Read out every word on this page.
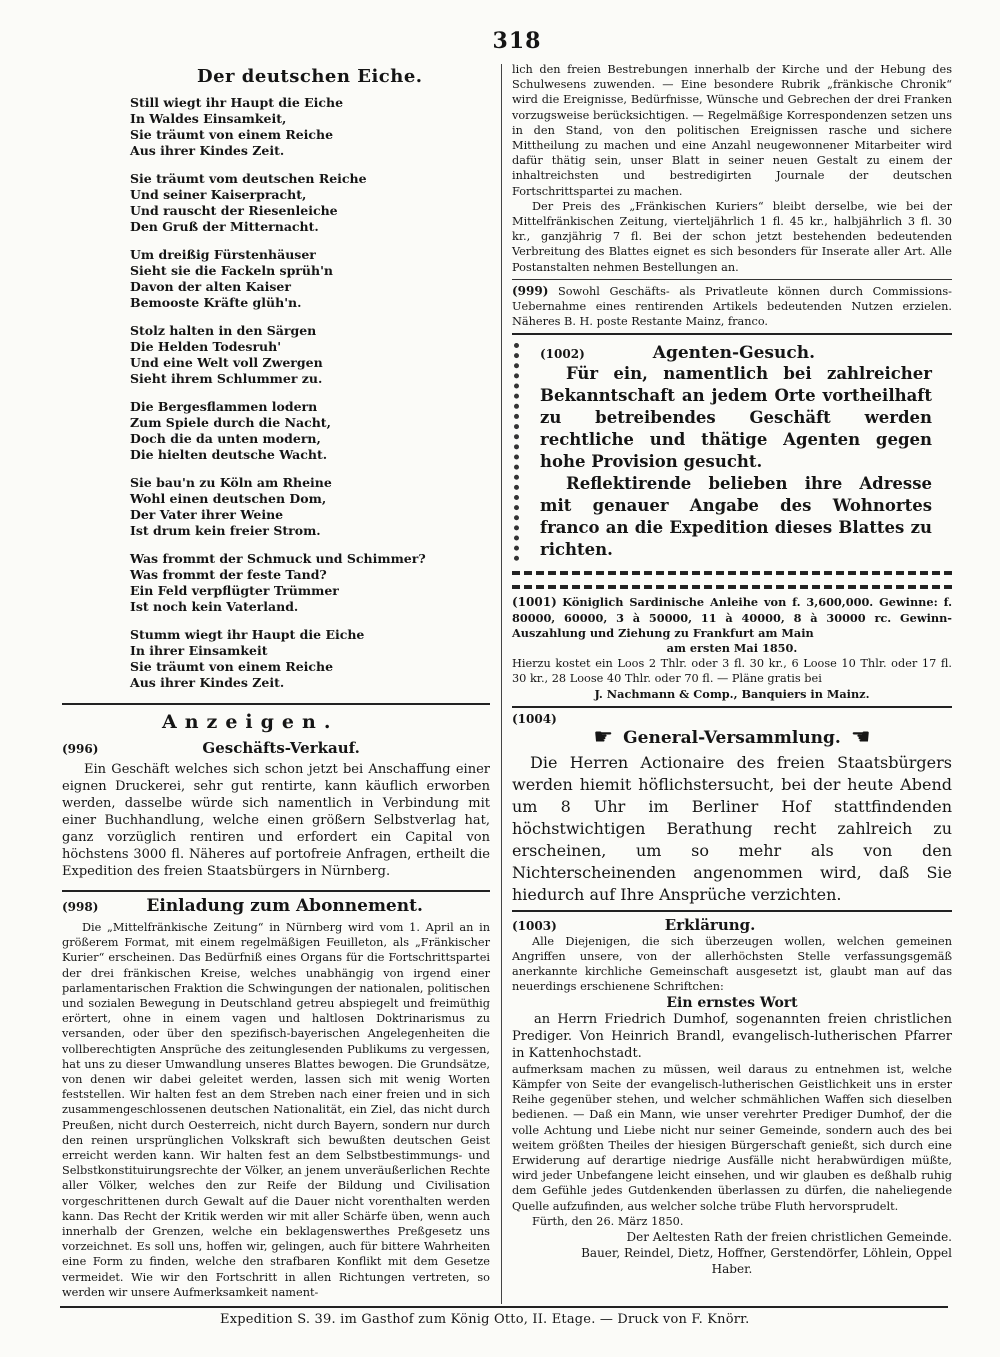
318
Der deutschen Eiche.
Still wiegt ihr Haupt die Eiche
In Waldes Einsamkeit,
Sie träumt von einem Reiche
Aus ihrer Kindes Zeit.
Sie träumt vom deutschen Reiche
Und seiner Kaiserpracht,
Und rauscht der Riesenleiche
Den Gruß der Mitternacht.
Um dreißig Fürstenhäuser
Sieht sie die Fackeln sprüh'n
Davon der alten Kaiser
Bemooste Kräfte glüh'n.
Stolz halten in den Särgen
Die Helden Todesruh'
Und eine Welt voll Zwergen
Sieht ihrem Schlummer zu.
Die Bergesflammen lodern
Zum Spiele durch die Nacht,
Doch die da unten modern,
Die hielten deutsche Wacht.
Sie bau'n zu Köln am Rheine
Wohl einen deutschen Dom,
Der Vater ihrer Weine
Ist drum kein freier Strom.
Was frommt der Schmuck und Schimmer?
Was frommt der feste Tand?
Ein Feld verpflügter Trümmer
Ist noch kein Vaterland.
Stumm wiegt ihr Haupt die Eiche
In ihrer Einsamkeit
Sie träumt von einem Reiche
Aus ihrer Kindes Zeit.
Anzeigen.
(996)	Geschäfts-Verkauf.

Ein Geschäft welches sich schon jetzt bei Anschaffung einer eignen Druckerei, sehr gut rentirte, kann käuflich erworben werden, dasselbe würde sich namentlich in Verbindung mit einer Buchhandlung, welche einen größern Selbstverlag hat, ganz vorzüglich rentiren und erfordert ein Capital von höchstens 3000 fl. Näheres auf portofreie Anfragen, ertheilt die Expedition des freien Staatsbürgers in Nürnberg.

(998)	Einladung zum Abonnement.

Die „Mittelfränkische Zeitung“ in Nürnberg wird vom 1. April an in größerem Format, mit einem regelmäßigen Feuilleton, als „Fränkischer Kurier“ erscheinen. Das Bedürfniß eines Organs für die Fortschrittspartei der drei fränkischen Kreise, welches unabhängig von irgend einer parlamentarischen Fraktion die Schwingungen der nationalen, politischen und sozialen Bewegung in Deutschland getreu abspiegelt und freimüthig erörtert, ohne in einem vagen und haltlosen Doktrinarismus zu versanden, oder über den spezifisch-bayerischen Angelegenheiten die vollberechtigten Ansprüche des zeitunglesenden Publikums zu vergessen, hat uns zu dieser Umwandlung unseres Blattes bewogen. Die Grundsätze, von denen wir dabei geleitet werden, lassen sich mit wenig Worten feststellen. Wir halten fest an dem Streben nach einer freien und in sich zusammengeschlossenen deutschen Nationalität, ein Ziel, das nicht durch Preußen, nicht durch Oesterreich, nicht durch Bayern, sondern nur durch den reinen ursprünglichen Volkskraft sich bewußten deutschen Geist erreicht werden kann. Wir halten fest an dem Selbstbestimmungs- und Selbstkonstituirungsrechte der Völker, an jenem unveräußerlichen Rechte aller Völker, welches den zur Reife der Bildung und Civilisation vorgeschrittenen durch Gewalt auf die Dauer nicht vorenthalten werden kann. Das Recht der Kritik werden wir mit aller Schärfe üben, wenn auch innerhalb der Grenzen, welche ein beklagenswerthes Preßgesetz uns vorzeichnet. Es soll uns, hoffen wir, gelingen, auch für bittere Wahrheiten eine Form zu finden, welche den strafbaren Konflikt mit dem Gesetze vermeidet. Wie wir den Fortschritt in allen Richtungen vertreten, so werden wir unsere Aufmerksamkeit nament-

lich den freien Bestrebungen innerhalb der Kirche und der Hebung des Schulwesens zuwenden. — Eine besondere Rubrik „fränkische Chronik“ wird die Ereignisse, Bedürfnisse, Wünsche und Gebrechen der drei Franken vorzugsweise berücksichtigen. — Regelmäßige Korrespondenzen setzen uns in den Stand, von den politischen Ereignissen rasche und sichere Mittheilung zu machen und eine Anzahl neugewonnener Mitarbeiter wird dafür thätig sein, unser Blatt in seiner neuen Gestalt zu einem der inhaltreichsten und bestredigirten Journale der deutschen Fortschrittspartei zu machen.

Der Preis des „Fränkischen Kuriers“ bleibt derselbe, wie bei der Mittelfränkischen Zeitung, vierteljährlich 1 fl. 45 kr., halbjährlich 3 fl. 30 kr., ganzjährig 7 fl. Bei der schon jetzt bestehenden bedeutenden Verbreitung des Blattes eignet es sich besonders für Inserate aller Art. Alle Postanstalten nehmen Bestellungen an.

(999) Sowohl Geschäfts- als Privatleute können durch Commissions-Uebernahme eines rentirenden Artikels bedeutenden Nutzen erzielen. Näheres B. H. poste Restante Mainz, franco.

(1002)	Agenten-Gesuch.

Für ein, namentlich bei zahlreicher Bekanntschaft an jedem Orte vortheilhaft zu betreibendes Geschäft werden rechtliche und thätige Agenten gegen hohe Provision gesucht.

Reflektirende belieben ihre Adresse mit genauer Angabe des Wohnortes franco an die Expedition dieses Blattes zu richten.

(1001) Königlich Sardinische Anleihe von f. 3,600,000. Gewinne: f. 80000, 60000, 3 à 50000, 11 à 40000, 8 à 30000 rc. Gewinn-Auszahlung und Ziehung zu Frankfurt am Main

am ersten Mai 1850.

Hierzu kostet ein Loos 2 Thlr. oder 3 fl. 30 kr., 6 Loose 10 Thlr. oder 17 fl. 30 kr., 28 Loose 40 Thlr. oder 70 fl. — Pläne gratis bei

J. Nachmann & Comp., Banquiers in Mainz.
(1004)
☛ General-Versammlung. ☚

Die Herren Actionaire des freien Staatsbürgers werden hiemit höflichstersucht, bei der heute Abend um 8 Uhr im Berliner Hof stattfindenden höchstwichtigen Berathung recht zahlreich zu erscheinen, um so mehr als von den Nichterscheinenden angenommen wird, daß Sie hiedurch auf Ihre Ansprüche verzichten.

(1003)	Erklärung.

Alle Diejenigen, die sich überzeugen wollen, welchen gemeinen Angriffen unsere, von der allerhöchsten Stelle verfassungsgemäß anerkannte kirchliche Gemeinschaft ausgesetzt ist, glaubt man auf das neuerdings erschienene Schriftchen:

Ein ernstes Wort

an Herrn Friedrich Dumhof, sogenannten freien christlichen Prediger. Von Heinrich Brandl, evangelisch-lutherischen Pfarrer in Kattenhochstadt.

aufmerksam machen zu müssen, weil daraus zu entnehmen ist, welche Kämpfer von Seite der evangelisch-lutherischen Geistlichkeit uns in erster Reihe gegenüber stehen, und welcher schmählichen Waffen sich dieselben bedienen. — Daß ein Mann, wie unser verehrter Prediger Dumhof, der die volle Achtung und Liebe nicht nur seiner Gemeinde, sondern auch des bei weitem größten Theiles der hiesigen Bürgerschaft genießt, sich durch eine Erwiderung auf derartige niedrige Ausfälle nicht herabwürdigen müßte, wird jeder Unbefangene leicht einsehen, und wir glauben es deßhalb ruhig dem Gefühle jedes Gutdenkenden überlassen zu dürfen, die naheliegende Quelle aufzufinden, aus welcher solche trübe Fluth hervorsprudelt.

Fürth, den 26. März 1850.

Der Aeltesten Rath der freien christlichen Gemeinde.
Bauer, Reindel, Dietz, Hoffner, Gerstendörfer, Löhlein, Oppel
Haber.
Expedition S. 39. im Gasthof zum König Otto, II. Etage. — Druck von F. Knörr.
